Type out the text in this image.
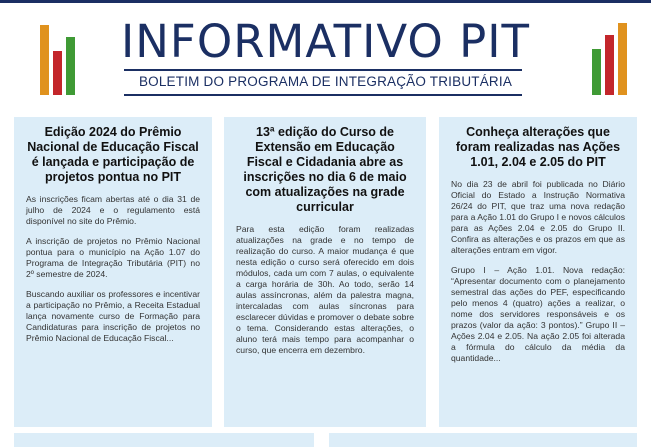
INFORMATIVO PIT
BOLETIM DO PROGRAMA DE INTEGRAÇÃO TRIBUTÁRIA
Edição 2024 do Prêmio Nacional de Educação Fiscal é lançada e participação de projetos pontua no PIT

As inscrições ficam abertas até o dia 31 de julho de 2024 e o regulamento está disponível no site do Prêmio.

A inscrição de projetos no Prêmio Nacional pontua para o município na Ação 1.07 do Programa de Integração Tributária (PIT) no 2º semestre de 2024.

Buscando auxiliar os professores e incentivar a participação no Prêmio, a Receita Estadual lança novamente curso de Formação para Candidaturas para inscrição de projetos no Prêmio Nacional de Educação Fiscal...

13ª edição do Curso de Extensão em Educação Fiscal e Cidadania abre as inscrições no dia 6 de maio com atualizações na grade curricular

Para esta edição foram realizadas atualizações na grade e no tempo de realização do curso. A maior mudança é que nesta edição o curso será oferecido em dois módulos, cada um com 7 aulas, o equivalente a carga horária de 30h. Ao todo, serão 14 aulas assíncronas, além da palestra magna, intercaladas com aulas síncronas para esclarecer dúvidas e promover o debate sobre o tema. Considerando estas alterações, o aluno terá mais tempo para acompanhar o curso, que encerra em dezembro.

Conheça alterações que foram realizadas nas Ações 1.01, 2.04 e 2.05 do PIT

No dia 23 de abril foi publicada no Diário Oficial do Estado a Instrução Normativa 26/24 do PIT, que traz uma nova redação para a Ação 1.01 do Grupo I e novos cálculos para as Ações 2.04 e 2.05 do Grupo II. Confira as alterações e os prazos em que as alterações entram em vigor.

Grupo I – Ação 1.01. Nova redação: “Apresentar documento com o planejamento semestral das ações do PEF, especificando pelo menos 4 (quatro) ações a realizar, o nome dos servidores responsáveis e os prazos (valor da ação: 3 pontos).” Grupo II – Ações 2.04 e 2.05. Na ação 2.05 foi alterada a fórmula do cálculo da média da quantidade...
